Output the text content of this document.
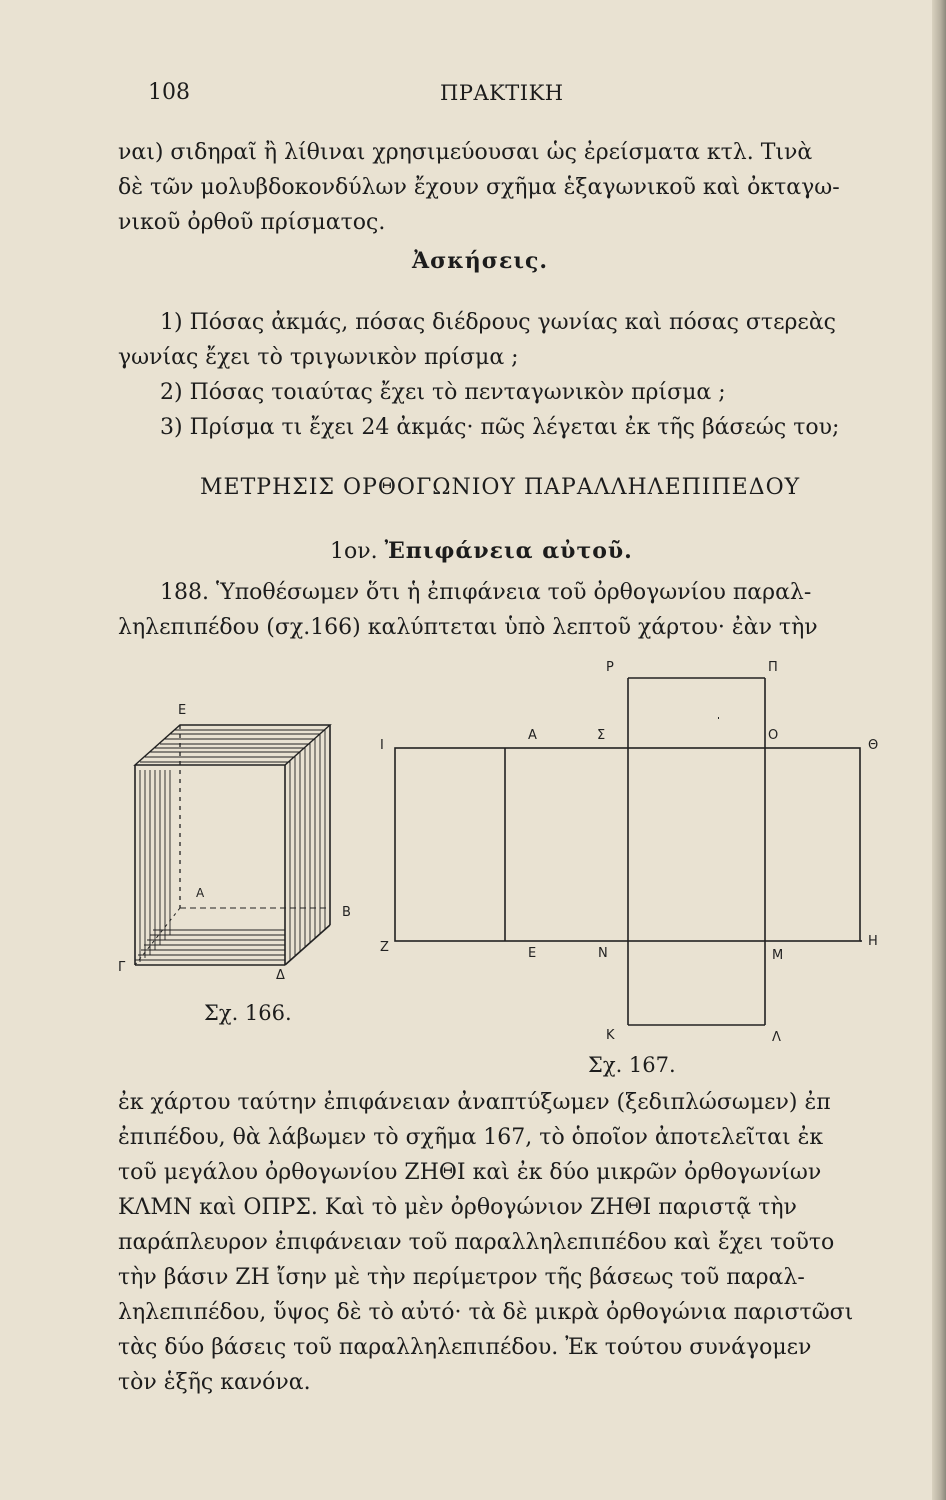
108	ΠΡΑΚΤΙΚΗ
ναι) σιδηραῖ ἢ λίθιναι χρησιμεύουσαι ὡς ἐρείσματα κτλ. Τινὰ
δὲ τῶν μολυβδοκονδύλων ἔχουν σχῆμα ἑξαγωνικοῦ καὶ ὀκταγω-
νικοῦ ὀρθοῦ πρίσματος.
Ἀσκήσεις.
1) Πόσας ἀκμάς, πόσας διέδρους γωνίας καὶ πόσας στερεὰς
γωνίας ἔχει τὸ τριγωνικὸν πρίσμα ;
2) Πόσας τοιαύτας ἔχει τὸ πενταγωνικὸν πρίσμα ;
3) Πρίσμα τι ἔχει 24 ἀκμάς· πῶς λέγεται ἐκ τῆς βάσεώς του;
ΜΕΤΡΗΣΙΣ ΟΡΘΟΓΩΝΙΟΥ ΠΑΡΑΛΛΗΛΕΠΙΠΕΔΟΥ
1ον. Ἐπιφάνεια αὐτοῦ.
188. Ὑποθέσωμεν ὅτι ἡ ἐπιφάνεια τοῦ ὀρθογωνίου παραλ-
ληλεπιπέδου (σχ.166) καλύπτεται ὑπὸ λεπτοῦ χάρτου· ἐὰν τὴν
Ε
Α
Β
Γ
Δ
Σχ. 166.
Ρ	Π
Α	Σ	Ο
Θ
Ι
Ζ	Ε	Ν	Μ
Η
Κ	Λ
Σχ. 167.
ἐκ χάρτου ταύτην ἐπιφάνειαν ἀναπτύξωμεν (ξεδιπλώσωμεν) ἐπ
ἐπιπέδου, θὰ λάβωμεν τὸ σχῆμα 167, τὸ ὁποῖον ἀποτελεῖται ἐκ
τοῦ μεγάλου ὀρθογωνίου ΖΗΘΙ καὶ ἐκ δύο μικρῶν ὀρθογωνίων
ΚΛΜΝ καὶ ΟΠΡΣ. Καὶ τὸ μὲν ὀρθογώνιον ΖΗΘΙ παριστᾷ τὴν
παράπλευρον ἐπιφάνειαν τοῦ παραλληλεπιπέδου καὶ ἔχει τοῦτο
τὴν βάσιν ΖΗ ἴσην μὲ τὴν περίμετρον τῆς βάσεως τοῦ παραλ-
ληλεπιπέδου, ὕψος δὲ τὸ αὐτό· τὰ δὲ μικρὰ ὀρθογώνια παριστῶσι
τὰς δύο βάσεις τοῦ παραλληλεπιπέδου. Ἐκ τούτου συνάγομεν
τὸν ἑξῆς κανόνα.
